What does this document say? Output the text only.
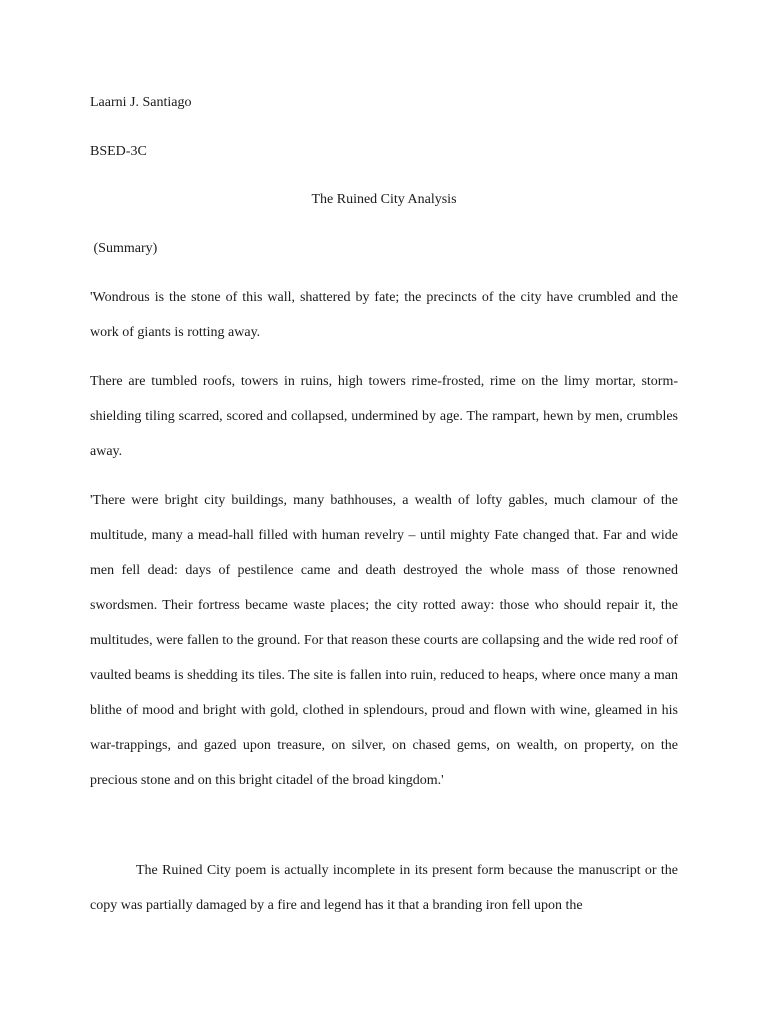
Laarni J. Santiago

BSED-3C

The Ruined City Analysis

(Summary)

'Wondrous is the stone of this wall, shattered by fate; the precincts of the city have crumbled and the work of giants is rotting away.

There are tumbled roofs, towers in ruins, high towers rime-frosted, rime on the limy mortar, storm-shielding tiling scarred, scored and collapsed, undermined by age. The rampart, hewn by men, crumbles away.

'There were bright city buildings, many bathhouses, a wealth of lofty gables, much clamour of the multitude, many a mead-hall filled with human revelry – until mighty Fate changed that. Far and wide men fell dead: days of pestilence came and death destroyed the whole mass of those renowned swordsmen. Their fortress became waste places; the city rotted away: those who should repair it, the multitudes, were fallen to the ground. For that reason these courts are collapsing and the wide red roof of vaulted beams is shedding its tiles. The site is fallen into ruin, reduced to heaps, where once many a man blithe of mood and bright with gold, clothed in splendours, proud and flown with wine, gleamed in his war-trappings, and gazed upon treasure, on silver, on chased gems, on wealth, on property, on the precious stone and on this bright citadel of the broad kingdom.'

The Ruined City poem is actually incomplete in its present form because the manuscript or the copy was partially damaged by a fire and legend has it that a branding iron fell upon the
